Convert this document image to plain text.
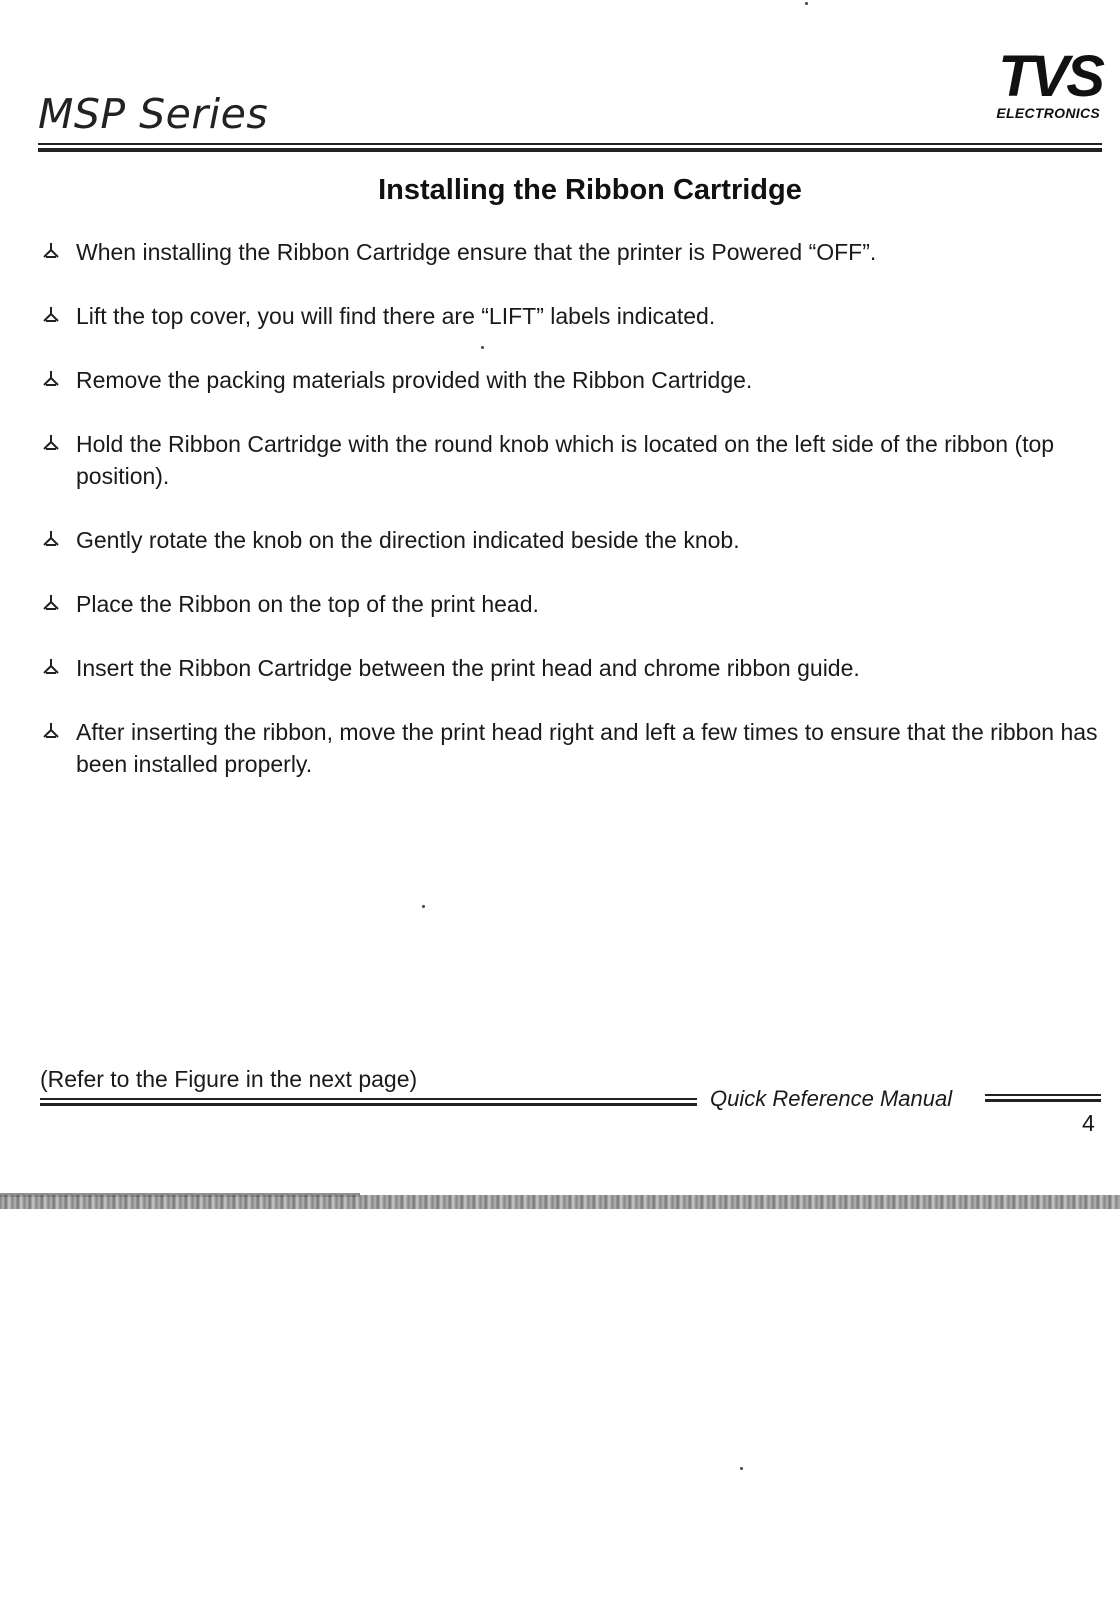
MSP Series
TVS
ELECTRONICS
Installing the Ribbon Cartridge
When installing the Ribbon Cartridge ensure that the printer is Powered “OFF”.
Lift the top cover, you will find there are “LIFT” labels indicated.
Remove the packing materials provided with the Ribbon Cartridge.
Hold the Ribbon Cartridge with the round knob which is located on the left side of the ribbon (top position).
Gently rotate the knob on the direction indicated beside the knob.
Place the Ribbon on the top of the print head.
Insert the Ribbon Cartridge between the print head and chrome ribbon guide.
After inserting the ribbon, move the print head right and left a few times to ensure that the ribbon has been installed properly.
(Refer to the Figure in the next page)
Quick Reference Manual
4
